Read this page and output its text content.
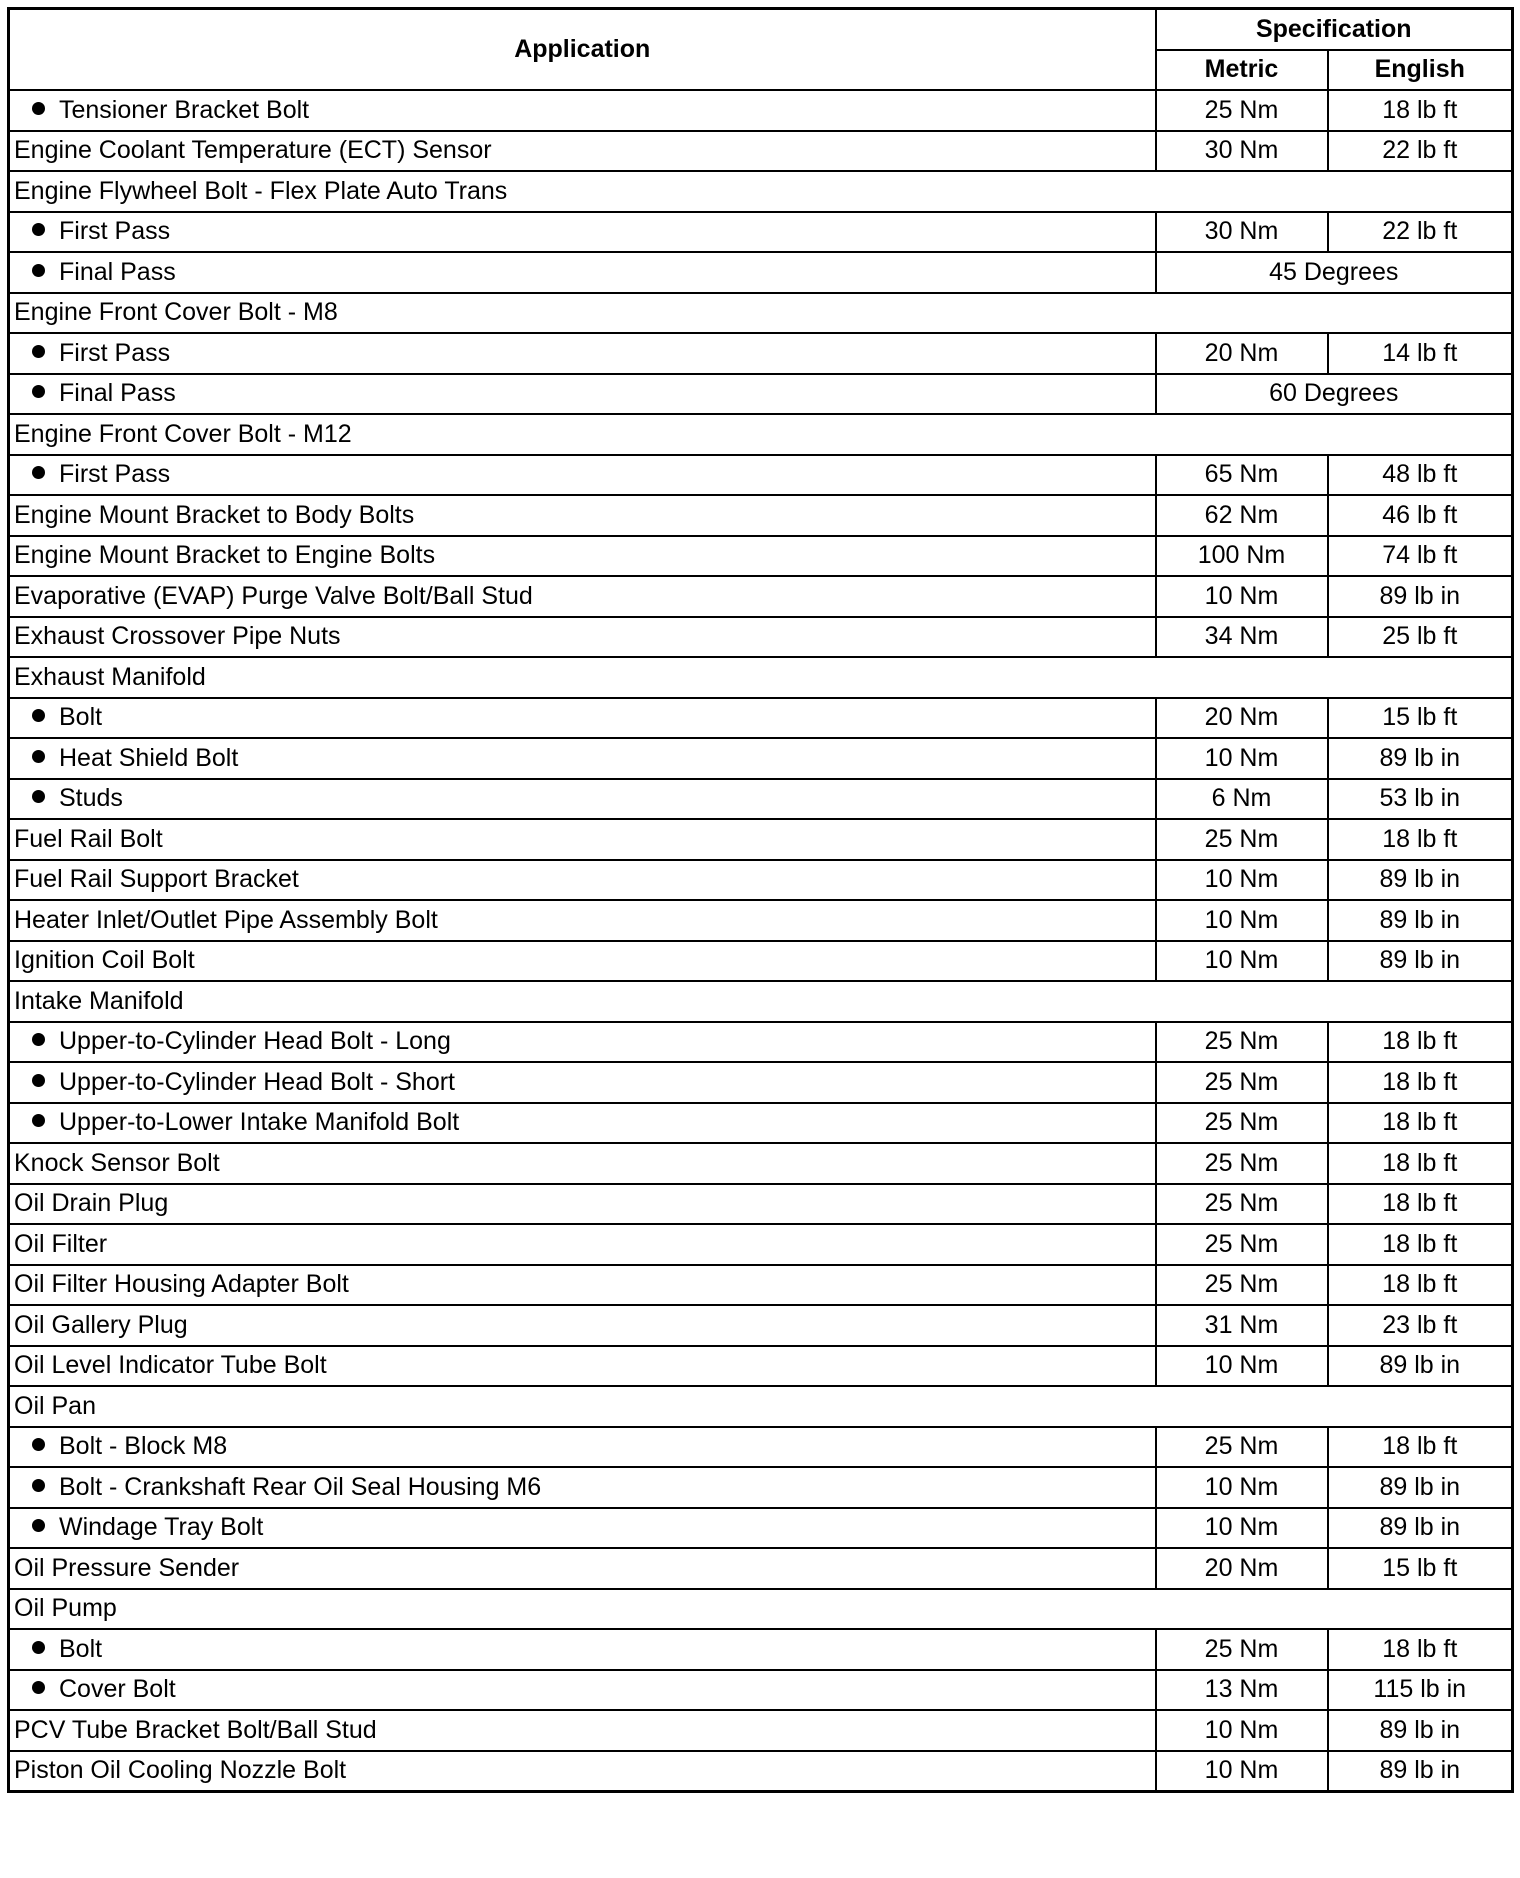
Application	Specification	
	Metric	English
Tensioner Bracket Bolt	25 Nm	18 lb ft
Engine Coolant Temperature (ECT) Sensor	30 Nm	22 lb ft
Engine Flywheel Bolt - Flex Plate Auto Trans		
First Pass	30 Nm	22 lb ft
Final Pass	45 Degrees	
Engine Front Cover Bolt - M8		
First Pass	20 Nm	14 lb ft
Final Pass	60 Degrees	
Engine Front Cover Bolt - M12		
First Pass	65 Nm	48 lb ft
Engine Mount Bracket to Body Bolts	62 Nm	46 lb ft
Engine Mount Bracket to Engine Bolts	100 Nm	74 lb ft
Evaporative (EVAP) Purge Valve Bolt/Ball Stud	10 Nm	89 lb in
Exhaust Crossover Pipe Nuts	34 Nm	25 lb ft
Exhaust Manifold		
Bolt	20 Nm	15 lb ft
Heat Shield Bolt	10 Nm	89 lb in
Studs	6 Nm	53 lb in
Fuel Rail Bolt	25 Nm	18 lb ft
Fuel Rail Support Bracket	10 Nm	89 lb in
Heater Inlet/Outlet Pipe Assembly Bolt	10 Nm	89 lb in
Ignition Coil Bolt	10 Nm	89 lb in
Intake Manifold		
Upper-to-Cylinder Head Bolt - Long	25 Nm	18 lb ft
Upper-to-Cylinder Head Bolt - Short	25 Nm	18 lb ft
Upper-to-Lower Intake Manifold Bolt	25 Nm	18 lb ft
Knock Sensor Bolt	25 Nm	18 lb ft
Oil Drain Plug	25 Nm	18 lb ft
Oil Filter	25 Nm	18 lb ft
Oil Filter Housing Adapter Bolt	25 Nm	18 lb ft
Oil Gallery Plug	31 Nm	23 lb ft
Oil Level Indicator Tube Bolt	10 Nm	89 lb in
Oil Pan		
Bolt - Block M8	25 Nm	18 lb ft
Bolt - Crankshaft Rear Oil Seal Housing M6	10 Nm	89 lb in
Windage Tray Bolt	10 Nm	89 lb in
Oil Pressure Sender	20 Nm	15 lb ft
Oil Pump		
Bolt	25 Nm	18 lb ft
Cover Bolt	13 Nm	115 lb in
PCV Tube Bracket Bolt/Ball Stud	10 Nm	89 lb in
Piston Oil Cooling Nozzle Bolt	10 Nm	89 lb in
